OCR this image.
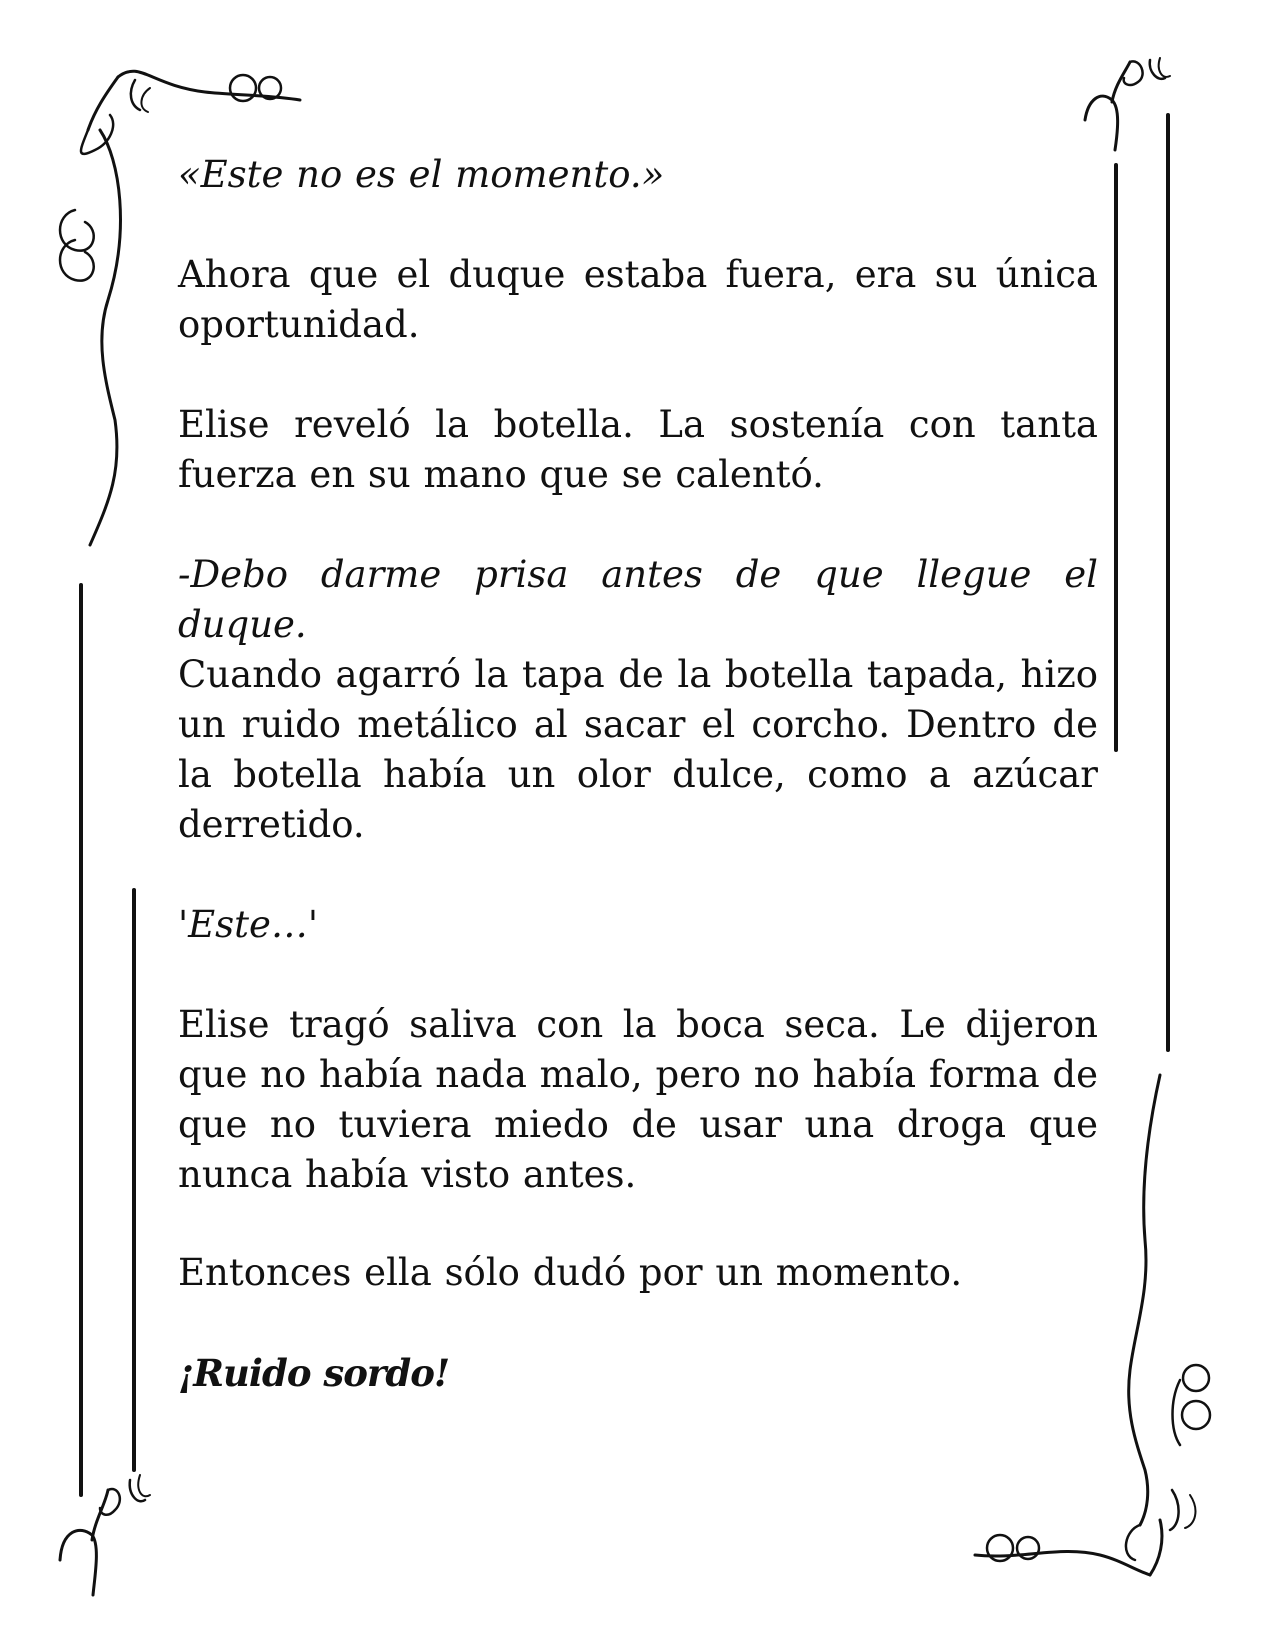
«Este no es el momento.»

Ahora que el duque estaba fuera, era su única oportunidad.

Elise reveló la botella. La sostenía con tanta fuerza en su mano que se calentó.

-Debo darme prisa antes de que llegue el duque.

Cuando agarró la tapa de la botella tapada, hizo un ruido metálico al sacar el corcho. Dentro de la botella había un olor dulce, como a azúcar derretido.

'Este…'

Elise tragó saliva con la boca seca. Le dijeron que no había nada malo, pero no había forma de que no tuviera miedo de usar una droga que nunca había visto antes.

Entonces ella sólo dudó por un momento.

¡Ruido sordo!
